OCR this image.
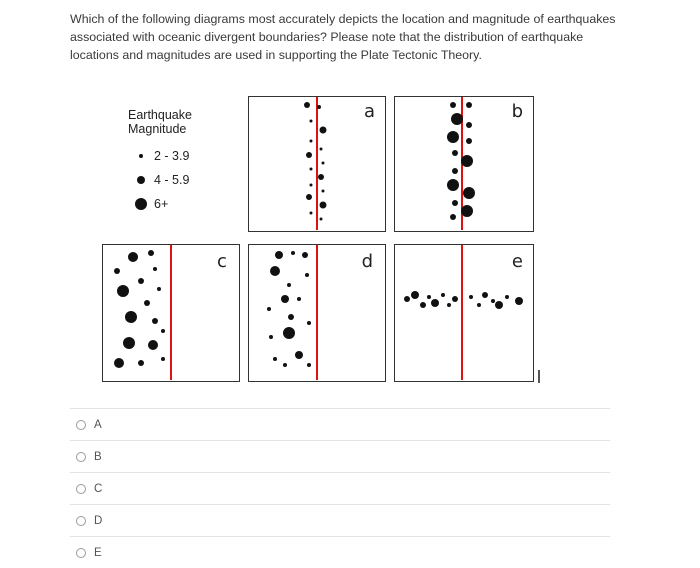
Which of the following diagrams most accurately depicts the location and magnitude of earthquakes associated with oceanic divergent boundaries? Please note that the distribution of earthquake locations and magnitudes are used in supporting the Plate Tectonic Theory.
Earthquake Magnitude
2 - 3.9
4 - 5.9
6+
a	b
c	d	e
A
B
C
D
E
